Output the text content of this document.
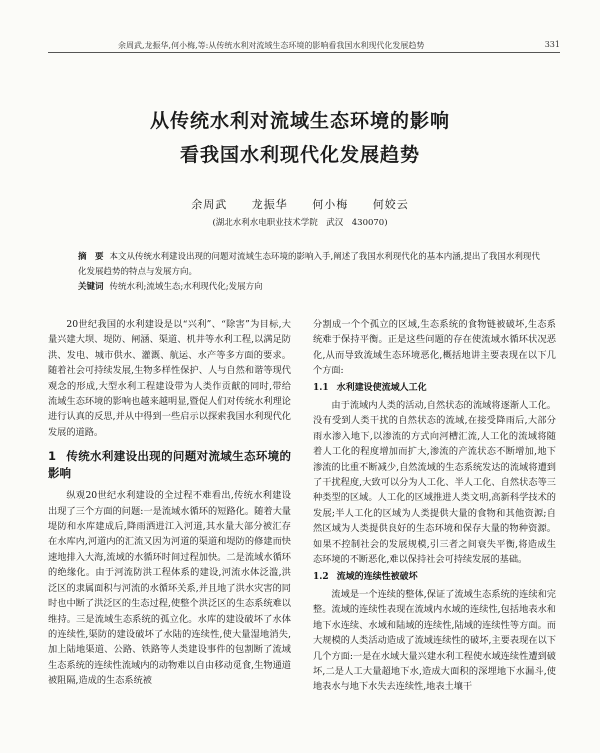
余周武,龙振华,何小梅,等:从传统水利对流域生态环境的影响看我国水利现代化发展趋势	331

从传统水利对流域生态环境的影响
看我国水利现代化发展趋势
余周武 龙振华 何小梅 何姣云
(湖北水利水电职业技术学院　武汉　430070)
摘　要 本文从传统水利建设出现的问题对流域生态环境的影响入手,阐述了我国水利现代化的基本内涵,提出了我国水利现代化发展趋势的特点与发展方向。
关键词 传统水利;流域生态;水利现代化;发展方向

20世纪我国的水利建设是以“兴利”、“除害”为目标,大量兴建大坝、堤防、闸涵、渠道、机井等水利工程,以满足防洪、发电、城市供水、灌溉、航运、水产等多方面的要求。随着社会可持续发展,生物多样性保护、人与自然和谐等现代观念的形成,大型水利工程建设带为人类作贡献的同时,带给流域生态环境的影响也越来越明显,暨促人们对传统水利理论进行认真的反思,并从中得到一些启示以探索我国水利现代化发展的道路。

1 传统水利建设出现的问题对流域生态环境的影响

纵观20世纪水利建设的全过程不难看出,传统水利建设出现了三个方面的问题:一是流域水循环的短路化。随着大量堤防和水库建成后,降雨洒进江入河道,其水量大部分被汇存在水库内,河道内的汇流又因为河道的渠道和堤防的修建而快速地排入大海,流域的水循环时间过程加快。二是流域水循环的绝缘化。由于河流防洪工程体系的建设,河流水体泛滥,洪泛区的隶属面积与河流的水循环关系,并且地了洪水灾害的同时也中断了洪泛区的生态过程,使整个洪泛区的生态系统难以维持。三是流域生态系统的孤立化。水库的建设破坏了水体的连续性,渠防的建设破坏了水陆的连续性,使大量湿地消失,加上陆地渠道、公路、铁路等人类建设事件的包割断了流域生态系统的连续性流域内的动物难以自由移动觅食,生物通道被阻隔,造成的生态系统被

分割成一个个孤立的区域,生态系统的食物链被破坏,生态系统难于保持平衡。正是这些问题的存在使流域水循环状况恶化,从而导致流域生态环境恶化,概括地讲主要表现在以下几个方面:

1.1 水利建设使流域人工化

由于流域内人类的活动,自然状态的流域将逐渐人工化。没有受到人类干扰的自然状态的流域,在接受降雨后,大部分雨水渗入地下,以渗流的方式向河槽汇流,人工化的流域将随着人工化的程度增加而扩大,渗流的产流状态不断增加,地下渗流的比重不断减少,自然流域的生态系统发达的流域将遭到了干扰程度,大致可以分为人工化、半人工化、自然状态等三种类型的区域。人工化的区域推进人类文明,高新科学技术的发展;半人工化的区域为人类提供大量的食物和其他资源;自然区域为人类提供良好的生态环境和保存大量的物种资源。如果不控制社会的发展规模,引三者之间衰失平衡,将造成生态环境的不断恶化,难以保持社会可持续发展的基础。

1.2 流域的连续性被破坏

流域是一个连续的整体,保证了流域生态系统的连续和完整。流域的连续性表现在流域内水域的连续性,包括地表水和地下水连续、水域和陆域的连续性,陆域的连续性等方面。而大规模的人类活动造成了流域连续性的破坏,主要表现在以下几个方面:一是在水域大量兴建水利工程使水域连续性遭到破坏,二是人工大量超地下水,造成大面积的深埋地下水漏斗,使地表水与地下水失去连续性,地表土壤干
